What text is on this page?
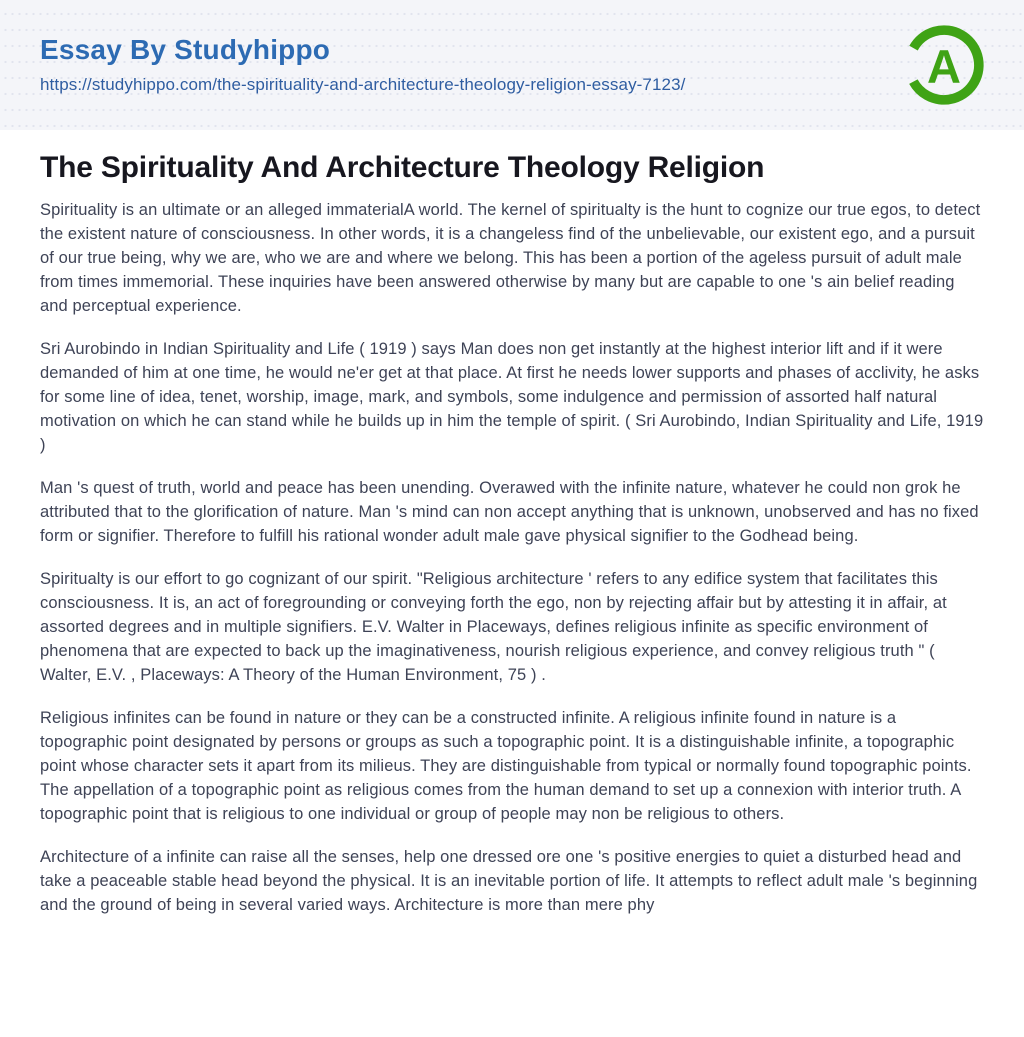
Essay By Studyhippo
https://studyhippo.com/the-spirituality-and-architecture-theology-religion-essay-7123/	A
The Spirituality And Architecture Theology Religion

Spirituality is an ultimate or an alleged immaterialA world. The kernel of spiritualty is the hunt to cognize our true egos, to detect the existent nature of consciousness. In other words, it is a changeless find of the unbelievable, our existent ego, and a pursuit of our true being, why we are, who we are and where we belong. This has been a portion of the ageless pursuit of adult male from times immemorial. These inquiries have been answered otherwise by many but are capable to one 's ain belief reading and perceptual experience.

Sri Aurobindo in Indian Spirituality and Life ( 1919 ) says Man does non get instantly at the highest interior lift and if it were demanded of him at one time, he would ne'er get at that place. At first he needs lower supports and phases of acclivity, he asks for some line of idea, tenet, worship, image, mark, and symbols, some indulgence and permission of assorted half natural motivation on which he can stand while he builds up in him the temple of spirit. ( Sri Aurobindo, Indian Spirituality and Life, 1919 )

Man 's quest of truth, world and peace has been unending. Overawed with the infinite nature, whatever he could non grok he attributed that to the glorification of nature. Man 's mind can non accept anything that is unknown, unobserved and has no fixed form or signifier. Therefore to fulfill his rational wonder adult male gave physical signifier to the Godhead being.

Spiritualty is our effort to go cognizant of our spirit. "Religious architecture ' refers to any edifice system that facilitates this consciousness. It is, an act of foregrounding or conveying forth the ego, non by rejecting affair but by attesting it in affair, at assorted degrees and in multiple signifiers. E.V. Walter in Placeways, defines religious infinite as specific environment of phenomena that are expected to back up the imaginativeness, nourish religious experience, and convey religious truth " ( Walter, E.V. , Placeways: A Theory of the Human Environment, 75 ) .

Religious infinites can be found in nature or they can be a constructed infinite. A religious infinite found in nature is a topographic point designated by persons or groups as such a topographic point. It is a distinguishable infinite, a topographic point whose character sets it apart from its milieus. They are distinguishable from typical or normally found topographic points. The appellation of a topographic point as religious comes from the human demand to set up a connexion with interior truth. A topographic point that is religious to one individual or group of people may non be religious to others.

Architecture of a infinite can raise all the senses, help one dressed ore one 's positive energies to quiet a disturbed head and take a peaceable stable head beyond the physical. It is an inevitable portion of life. It attempts to reflect adult male 's beginning and the ground of being in several varied ways. Architecture is more than mere phy
